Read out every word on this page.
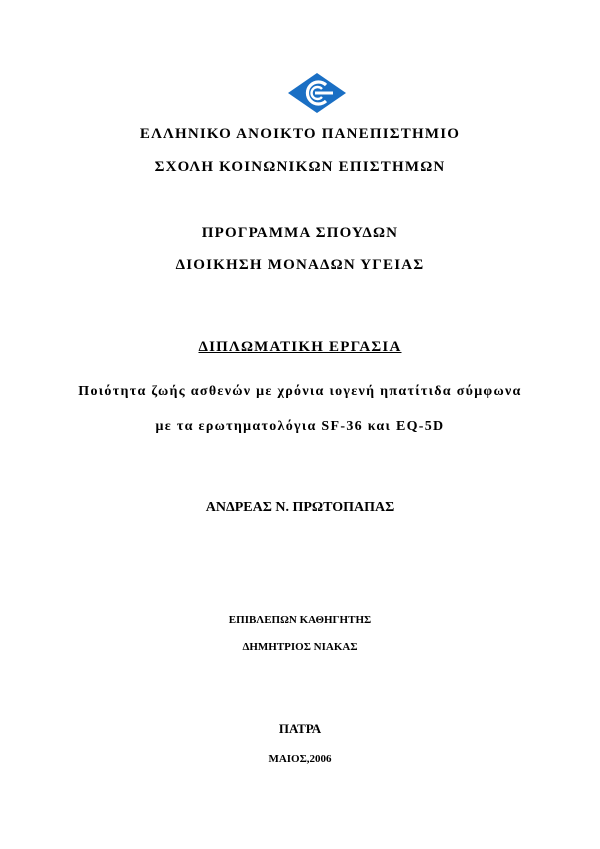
ΕΛΛΗΝΙΚΟ ΑΝΟΙΚΤΟ ΠΑΝΕΠΙΣΤΗΜΙΟ
ΣΧΟΛΗ ΚΟΙΝΩΝΙΚΩΝ ΕΠΙΣΤΗΜΩΝ
ΠΡΟΓΡΑΜΜΑ ΣΠΟΥΔΩΝ
ΔΙΟΙΚΗΣΗ ΜΟΝΑΔΩΝ ΥΓΕΙΑΣ
ΔΙΠΛΩΜΑΤΙΚΗ ΕΡΓΑΣΙΑ
Ποιότητα ζωής ασθενών με χρόνια ιογενή ηπατίτιδα σύμφωνα
με τα ερωτηματολόγια SF-36 και EQ-5D
ΑΝΔΡΕΑΣ Ν. ΠΡΩΤΟΠΑΠΑΣ
ΕΠΙΒΛΕΠΩΝ ΚΑΘΗΓΗΤΗΣ
ΔΗΜΗΤΡΙΟΣ ΝΙΑΚΑΣ
ΠΑΤΡΑ
ΜΑΙΟΣ,2006
